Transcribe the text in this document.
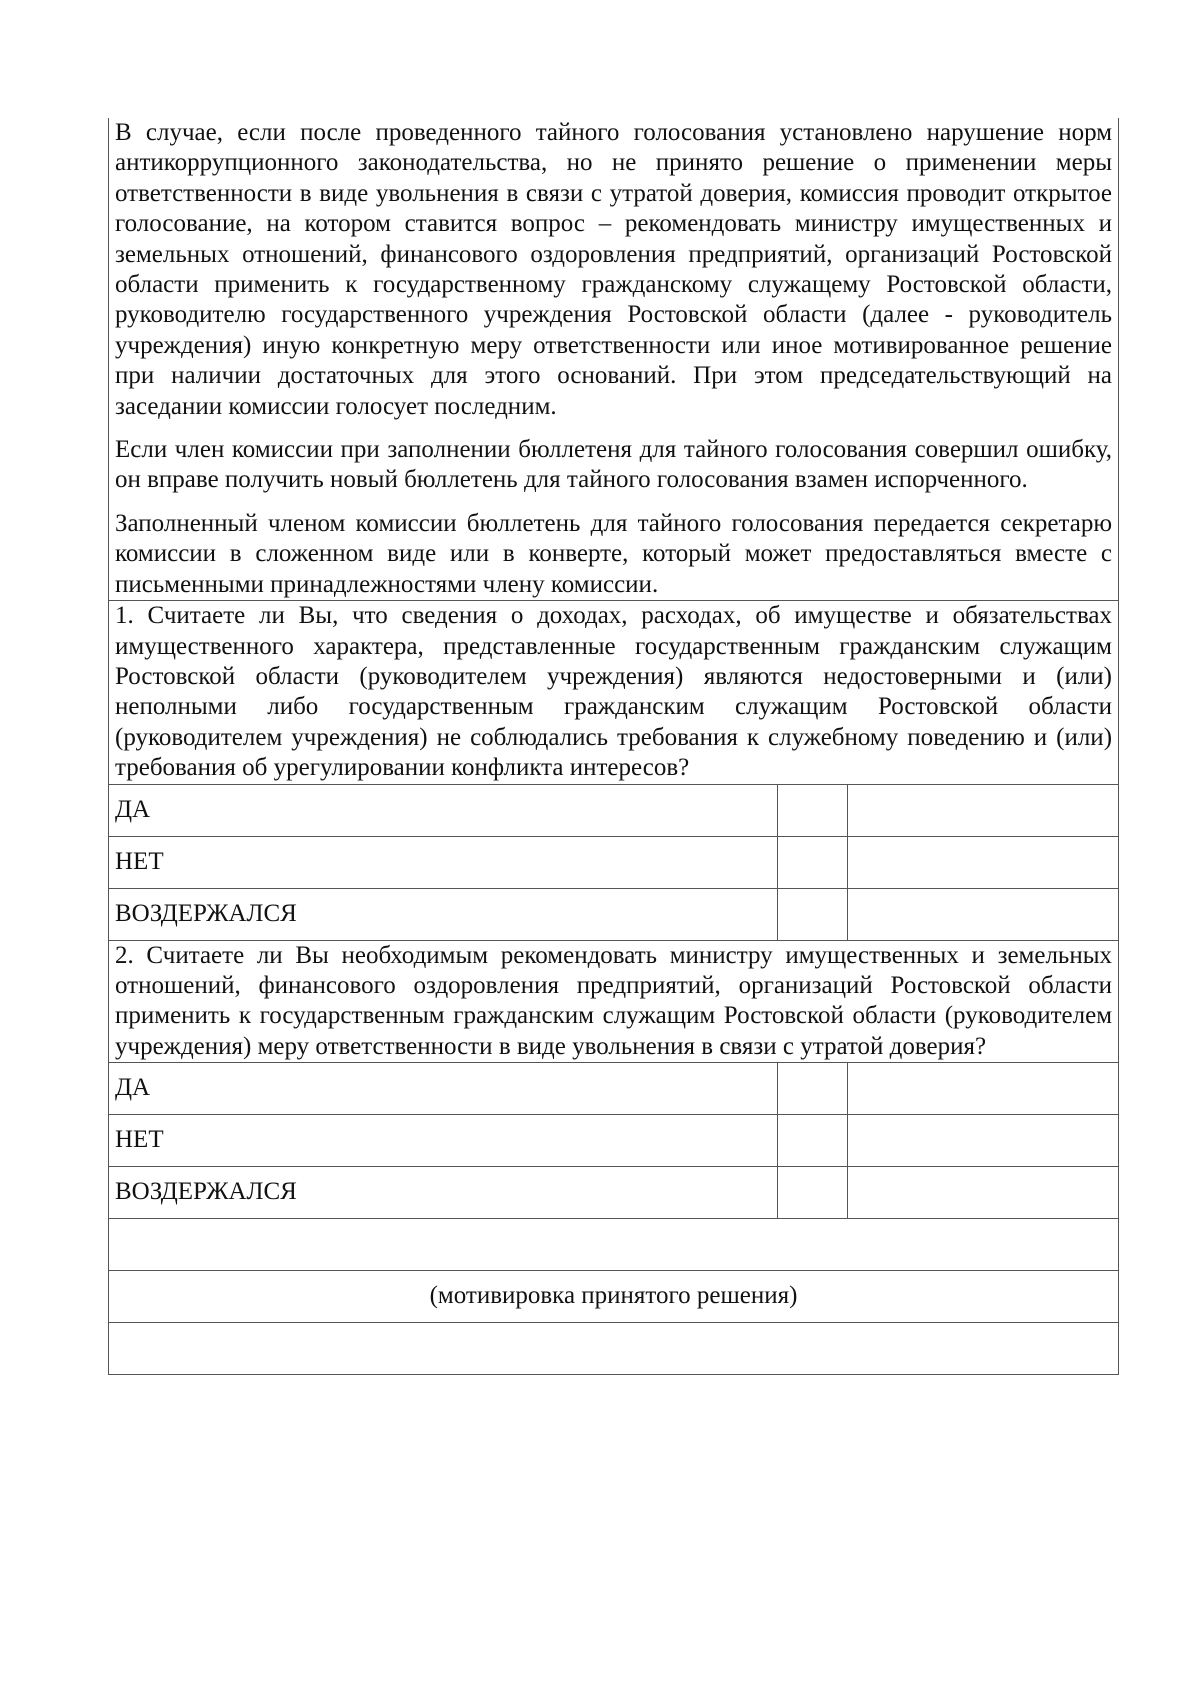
В случае, если после проведенного тайного голосования установлено нарушение норм антикоррупционного законодательства, но не принято решение о применении меры ответственности в виде увольнения в связи с утратой доверия, комиссия проводит открытое голосование, на котором ставится вопрос – рекомендовать министру имущественных и земельных отношений, финансового оздоровления предприятий, организаций Ростовской области применить к государственному гражданскому служащему Ростовской области, руководителю государственного учреждения Ростовской области (далее - руководитель учреждения) иную конкретную меру ответственности или иное мотивированное решение при наличии достаточных для этого оснований. При этом председательствующий на заседании комиссии голосует последним.

Если член комиссии при заполнении бюллетеня для тайного голосования совершил ошибку, он вправе получить новый бюллетень для тайного голосования взамен испорченного.

Заполненный членом комиссии бюллетень для тайного голосования передается секретарю комиссии в сложенном виде или в конверте, который может предоставляться вместе с письменными принадлежностями члену комиссии.		

1. Считаете ли Вы, что сведения о доходах, расходах, об имуществе и обязательствах имущественного характера, представленные государственным гражданским служащим Ростовской области (руководителем учреждения) являются недостоверными и (или) неполными либо государственным гражданским служащим Ростовской области (руководителем учреждения) не соблюдались требования к служебному поведению и (или) требования об урегулировании конфликта интересов?		

ДА		
НЕТ		
ВОЗДЕРЖАЛСЯ		

2. Считаете ли Вы необходимым рекомендовать министру имущественных и земельных отношений, финансового оздоровления предприятий, организаций Ростовской области применить к государственным гражданским служащим Ростовской области (руководителем учреждения) меру ответственности в виде увольнения в связи с утратой доверия?		

ДА		
НЕТ		
ВОЗДЕРЖАЛСЯ		

(мотивировка принятого решения)		
